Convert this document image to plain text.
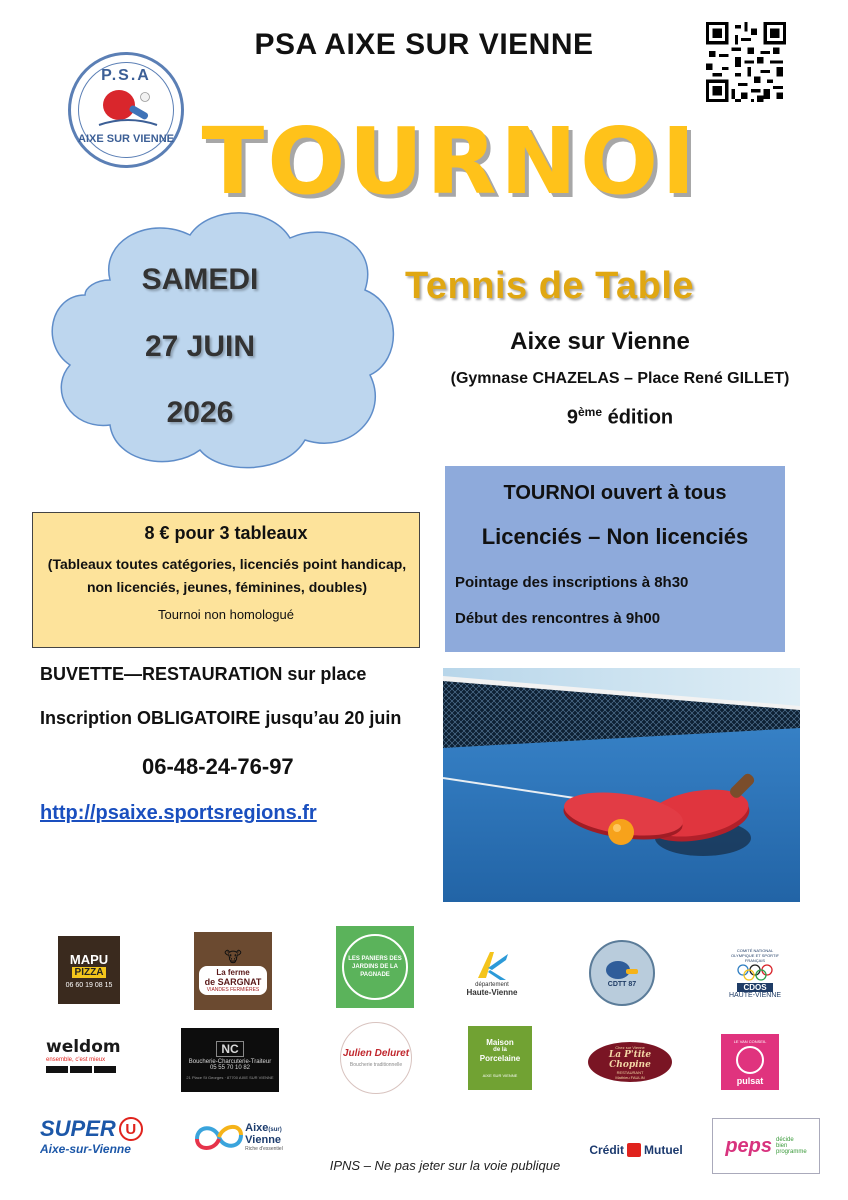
PSA AIXE SUR VIENNE
P.S.A
AIXE SUR VIENNE TOURNOI
SAMEDI
27 JUIN
2026
Tennis de Table
Aixe sur Vienne
(Gymnase CHAZELAS – Place René GILLET)
9ème édition
8 € pour 3 tableaux
(Tableaux toutes catégories, licenciés point handicap, non licenciés, jeunes, féminines, doubles)
Tournoi non homologué
TOURNOI ouvert à tous
Licenciés – Non licenciés
Pointage des inscriptions à 8h30
Début des rencontres à 9h00
BUVETTE—RESTAURATION sur place
Inscription OBLIGATOIRE jusqu’au 20 juin
06-48-24-76-97
http://psaixe.sportsregions.fr
MAPU
PIZZA
06 60 19 08 15
🐮
La ferme
de SARGNAT
VIANDES FERMIÈRES
LES PANIERS DES JARDINS DE LA PAGNADE
département
Haute-Vienne
CDTT 87
COMITÉ NATIONAL OLYMPIQUE ET SPORTIF FRANÇAIS
CDOS
HAUTE-VIENNE
weldom
ensemble, c'est mieux
NC
Boucherie-Charcuterie-Traiteur
05 55 70 10 82
21 Place St Georges · 87700 AIXE SUR VIENNE
Julien Deluret
Boucherie traditionnelle
Maison
de la
Porcelaine
AIXE SUR VIENNE
Chez sur Vienne
La P'tite Chopine
RESTAURANT
Mathieu FAULIN
LE VAN CONSEIL
pulsat
SUPER U
Aixe-sur-Vienne
Aixe(sur)
Vienne
Riche d'essentiel	Crédit Mutuel peps décide
bien
programme
IPNS – Ne pas jeter sur la voie publique
